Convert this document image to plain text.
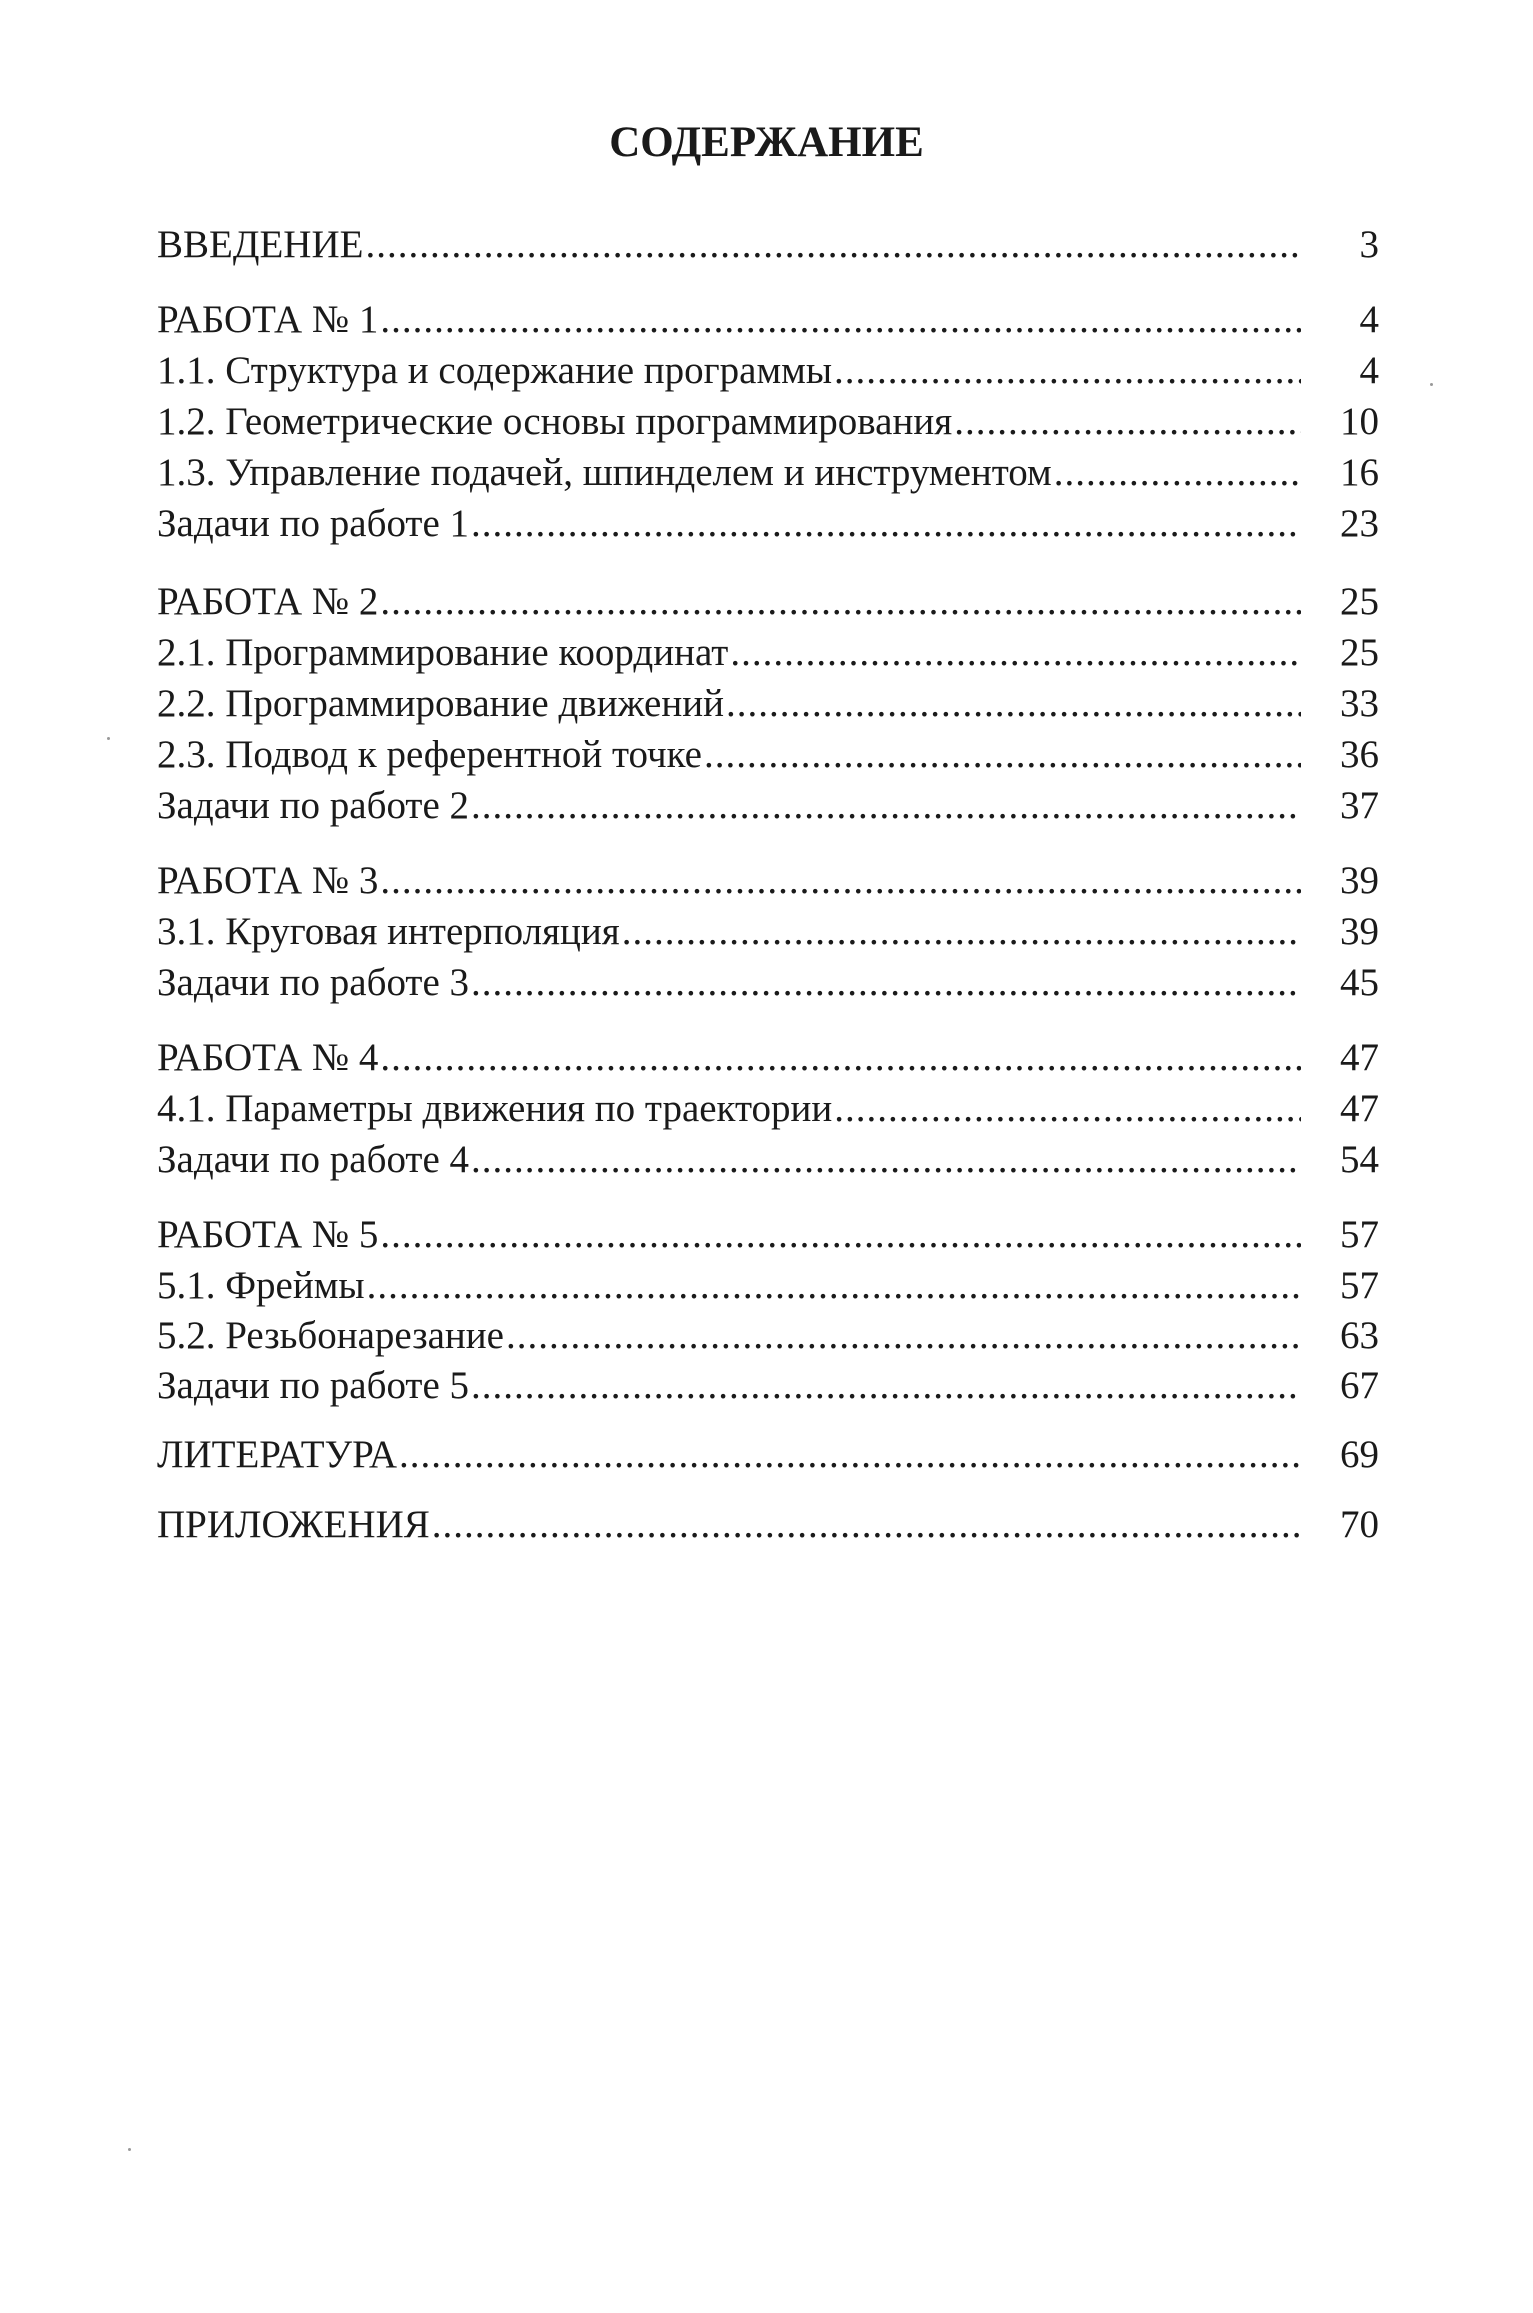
СОДЕРЖАНИЕ
ВВЕДЕНИЕ .....	3
РАБОТА № 1 .....	4
1.1. Структура и содержание программы .....	4
1.2. Геометрические основы программирования .....	10
1.3. Управление подачей, шпинделем и инструментом .....	16
Задачи по работе 1 .....	23
РАБОТА № 2 .....	25
2.1. Программирование координат .....	25
2.2. Программирование движений .....	33
2.3. Подвод к референтной точке .....	36
Задачи по работе 2 .....	37
РАБОТА № 3 .....	39
3.1. Круговая интерполяция .....	39
Задачи по работе 3 .....	45
РАБОТА № 4 .....	47
4.1. Параметры движения по траектории .....	47
Задачи по работе 4 .....	54
РАБОТА № 5 .....	57
5.1. Фреймы .....	57
5.2. Резьбонарезание .....	63
Задачи по работе 5 .....	67
ЛИТЕРАТУРА .....	69
ПРИЛОЖЕНИЯ .....	70
